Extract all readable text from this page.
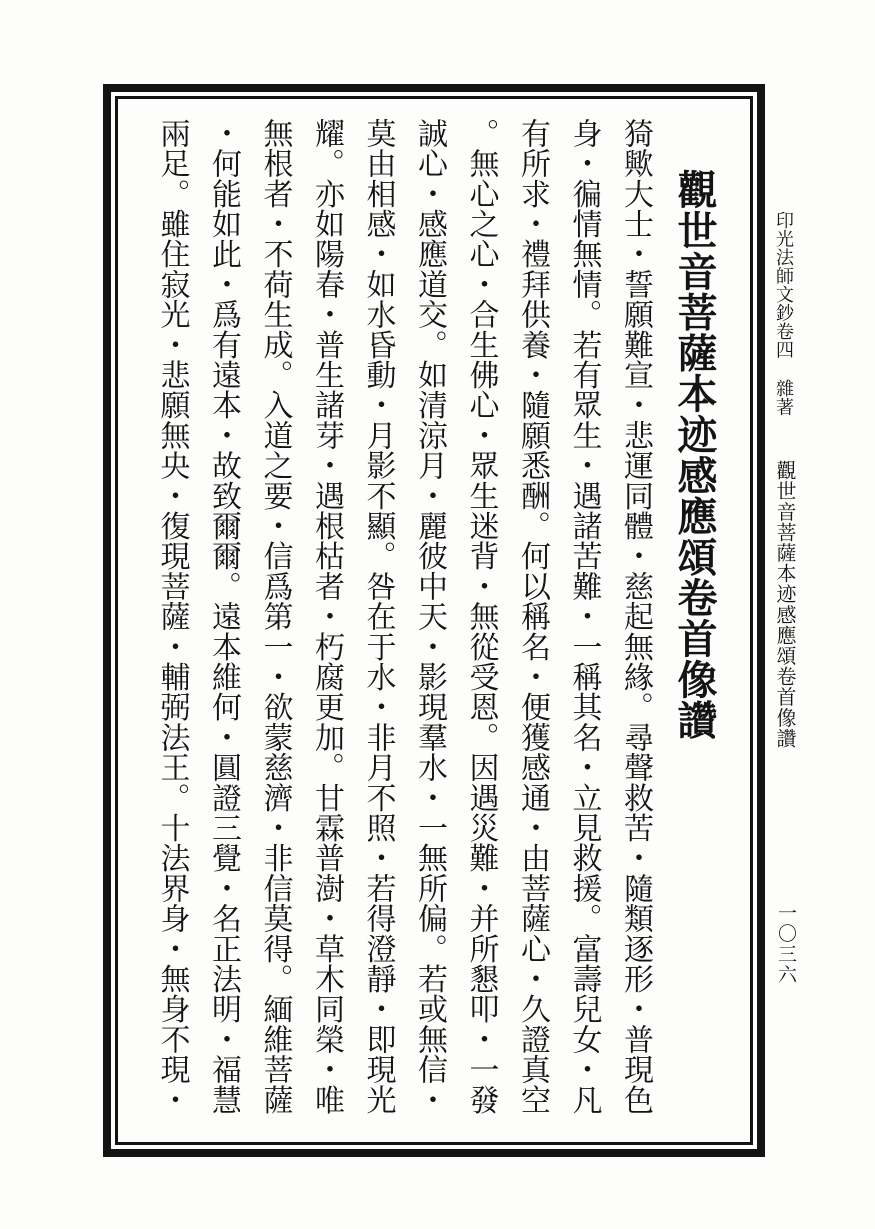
觀世音菩薩本迹感應頌卷首像讚
猗歟大士・誓願難宣・悲運同體・慈起無緣。尋聲救苦・隨類逐形・普現色
身・徧情無情。若有眾生・遇諸苦難・一稱其名・立見救援。富壽兒女・凡
有所求・禮拜供養・隨願悉酬。何以稱名・便獲感通・由菩薩心・久證真空
。無心之心・合生佛心・眾生迷背・無從受恩。因遇災難・并所懇叩・一發
誠心・感應道交。如清涼月・麗彼中天・影現羣水・一無所偏。若或無信・
莫由相感・如水昏動・月影不顯。咎在于水・非月不照・若得澄靜・即現光
耀。亦如陽春・普生諸芽・遇根枯者・朽腐更加。甘霖普澍・草木同榮・唯
無根者・不荷生成。入道之要・信爲第一・欲蒙慈濟・非信莫得。緬維菩薩
・何能如此・爲有遠本・故致爾爾。遠本維何・圓證三覺・名正法明・福慧
兩足。雖住寂光・悲願無央・復現菩薩・輔弼法王。十法界身・無身不現・	印光法師文鈔卷四雜著觀世音菩薩本迹感應頌卷首像讚
一〇三六
